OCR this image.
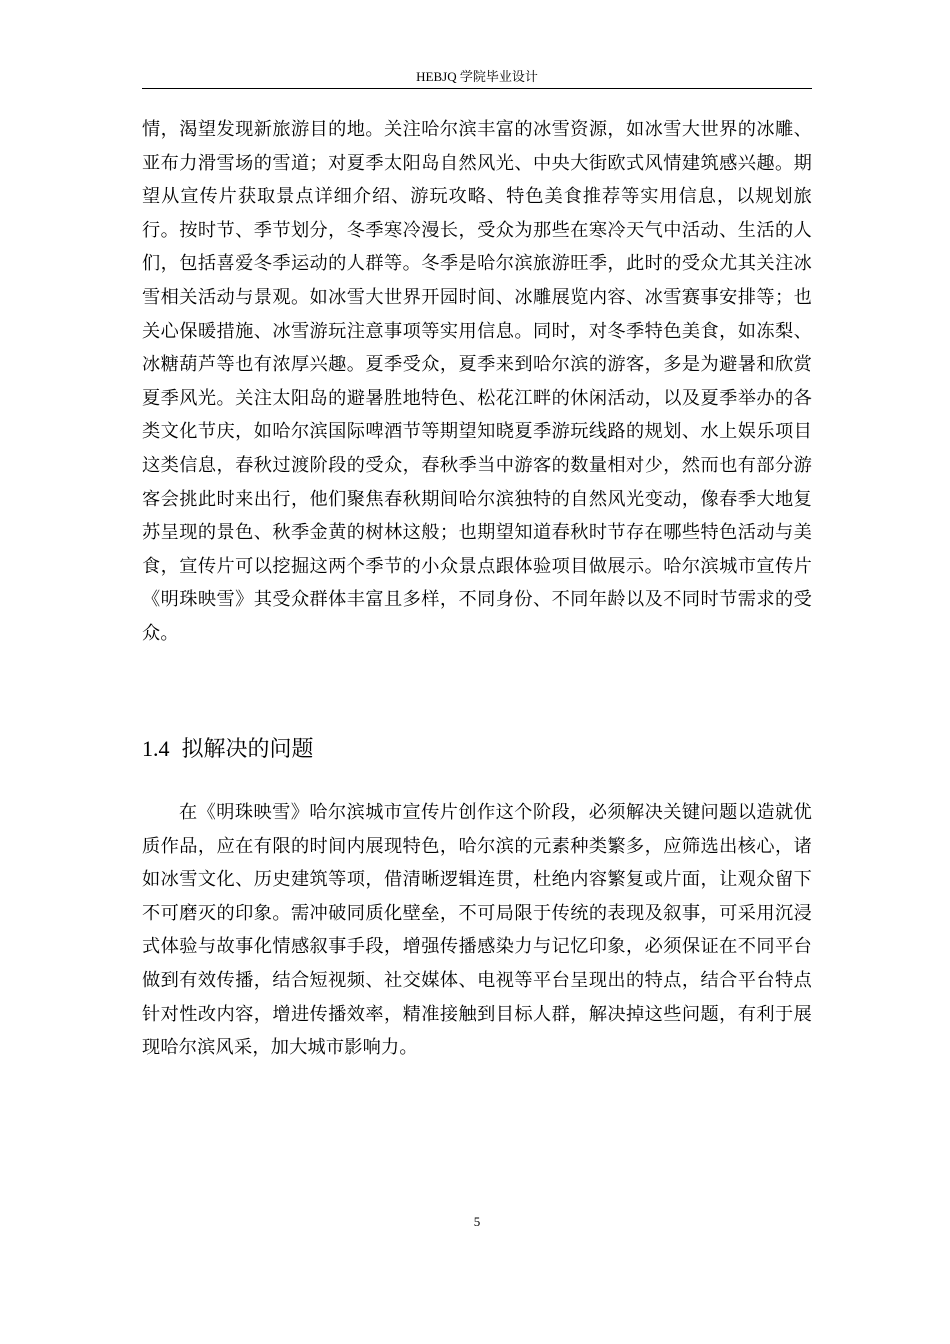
HEBJQ 学院毕业设计

情，渴望发现新旅游目的地。关注哈尔滨丰富的冰雪资源，如冰雪大世界的冰雕、亚布力滑雪场的雪道；对夏季太阳岛自然风光、中央大街欧式风情建筑感兴趣。期望从宣传片获取景点详细介绍、游玩攻略、特色美食推荐等实用信息，以规划旅行。按时节、季节划分，冬季寒冷漫长，受众为那些在寒冷天气中活动、生活的人们，包括喜爱冬季运动的人群等。冬季是哈尔滨旅游旺季，此时的受众尤其关注冰雪相关活动与景观。如冰雪大世界开园时间、冰雕展览内容、冰雪赛事安排等；也关心保暖措施、冰雪游玩注意事项等实用信息。同时，对冬季特色美食，如冻梨、冰糖葫芦等也有浓厚兴趣。夏季受众，夏季来到哈尔滨的游客，多是为避暑和欣赏夏季风光。关注太阳岛的避暑胜地特色、松花江畔的休闲活动，以及夏季举办的各类文化节庆，如哈尔滨国际啤酒节等期望知晓夏季游玩线路的规划、水上娱乐项目这类信息，春秋过渡阶段的受众，春秋季当中游客的数量相对少，然而也有部分游客会挑此时来出行，他们聚焦春秋期间哈尔滨独特的自然风光变动，像春季大地复苏呈现的景色、秋季金黄的树林这般；也期望知道春秋时节存在哪些特色活动与美食，宣传片可以挖掘这两个季节的小众景点跟体验项目做展示。哈尔滨城市宣传片《明珠映雪》其受众群体丰富且多样，不同身份、不同年龄以及不同时节需求的受众。

1.4 拟解决的问题

在《明珠映雪》哈尔滨城市宣传片创作这个阶段，必须解决关键问题以造就优质作品，应在有限的时间内展现特色，哈尔滨的元素种类繁多，应筛选出核心，诸如冰雪文化、历史建筑等项，借清晰逻辑连贯，杜绝内容繁复或片面，让观众留下不可磨灭的印象。需冲破同质化壁垒，不可局限于传统的表现及叙事，可采用沉浸式体验与故事化情感叙事手段，增强传播感染力与记忆印象，必须保证在不同平台做到有效传播，结合短视频、社交媒体、电视等平台呈现出的特点，结合平台特点针对性改内容，增进传播效率，精准接触到目标人群，解决掉这些问题，有利于展现哈尔滨风采，加大城市影响力。

5
